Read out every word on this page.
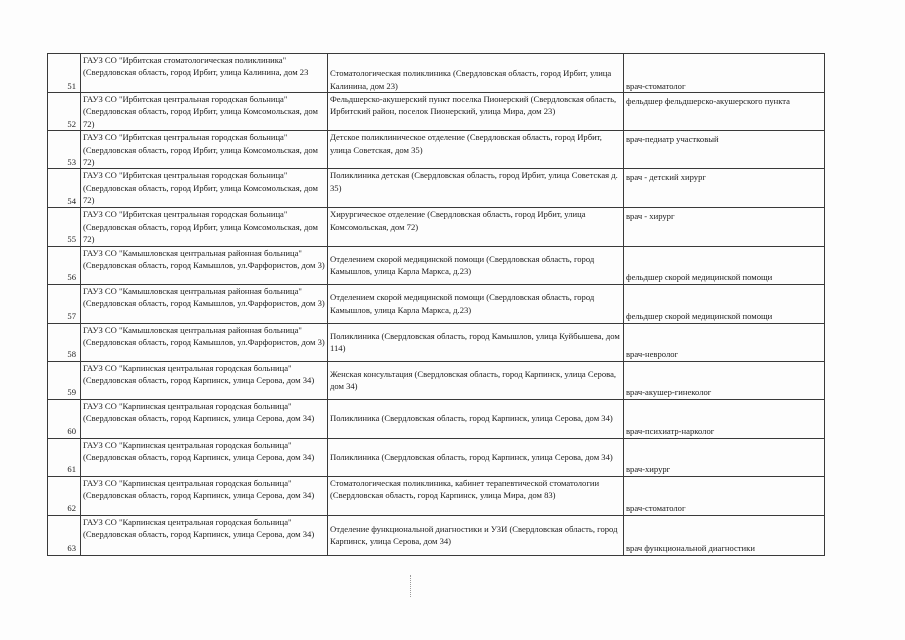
51	ГАУЗ СО "Ирбитская стоматологическая поликлиника" (Свердловская область, город Ирбит, улица Калинина, дом 23	Стоматологическая поликлиника (Свердловская область, город Ирбит, улица Калинина, дом 23)	врач-стоматолог

52	ГАУЗ СО "Ирбитская центральная городская больница" (Свердловская область, город Ирбит, улица Комсомольская, дом 72)	Фельдшерско-акушерский пункт поселка Пионерский (Свердловская область, Ирбитский район, поселок Пионерский, улица Мира, дом 23)	фельдшер фельдшерско-акушерского пункта

53	ГАУЗ СО "Ирбитская центральная городская больница" (Свердловская область, город Ирбит, улица Комсомольская, дом 72)	Детское поликлиническое отделение (Свердловская область, город Ирбит, улица Советская, дом 35)	врач-педиатр участковый

54	ГАУЗ СО "Ирбитская центральная городская больница" (Свердловская область, город Ирбит, улица Комсомольская, дом 72)	Поликлиника детская (Свердловская область, город Ирбит, улица Советская д. 35)	врач - детский хирург

55	ГАУЗ СО "Ирбитская центральная городская больница" (Свердловская область, город Ирбит, улица Комсомольская, дом 72)	Хирургическое отделение (Свердловская область, город Ирбит, улица Комсомольская, дом 72)	врач - хирург

56	ГАУЗ СО "Камышловская центральная районная больница" (Свердловская область, город Камышлов, ул.Фарфористов, дом 3)	Отделением скорой медицинской помощи (Свердловская область, город Камышлов, улица Карла Маркса, д.23)	фельдшер скорой медицинской помощи

57	ГАУЗ СО "Камышловская центральная районная больница" (Свердловская область, город Камышлов, ул.Фарфористов, дом 3)	Отделением скорой медицинской помощи (Свердловская область, город Камышлов, улица Карла Маркса, д.23)	фельдшер скорой медицинской помощи

58	ГАУЗ СО "Камышловская центральная районная больница" (Свердловская область, город Камышлов, ул.Фарфористов, дом 3)	Поликлиника (Свердловская область, город Камышлов, улица Куйбышева, дом 114)	врач-невролог

59	ГАУЗ СО "Карпинская центральная городская больница" (Свердловская область, город Карпинск, улица Серова, дом 34)	Женская консультация (Свердловская область, город Карпинск, улица Серова, дом 34)	врач-акушер-гинеколог

60	ГАУЗ СО "Карпинская центральная городская больница" (Свердловская область, город Карпинск, улица Серова, дом 34)	Поликлиника (Свердловская область, город Карпинск, улица Серова, дом 34)	врач-психиатр-нарколог

61	ГАУЗ СО "Карпинская центральная городская больница" (Свердловская область, город Карпинск, улица Серова, дом 34)	Поликлиника (Свердловская область, город Карпинск, улица Серова, дом 34)	врач-хирург

62	ГАУЗ СО "Карпинская центральная городская больница" (Свердловская область, город Карпинск, улица Серова, дом 34)	Стоматологическая поликлиника, кабинет терапевтической стоматологии (Свердловская область, город Карпинск, улица Мира, дом 83)	врач-стоматолог

63	ГАУЗ СО "Карпинская центральная городская больница" (Свердловская область, город Карпинск, улица Серова, дом 34)	Отделение функциональной диагностики и УЗИ (Свердловская область, город Карпинск, улица Серова, дом 34)	врач функциональной диагностики
